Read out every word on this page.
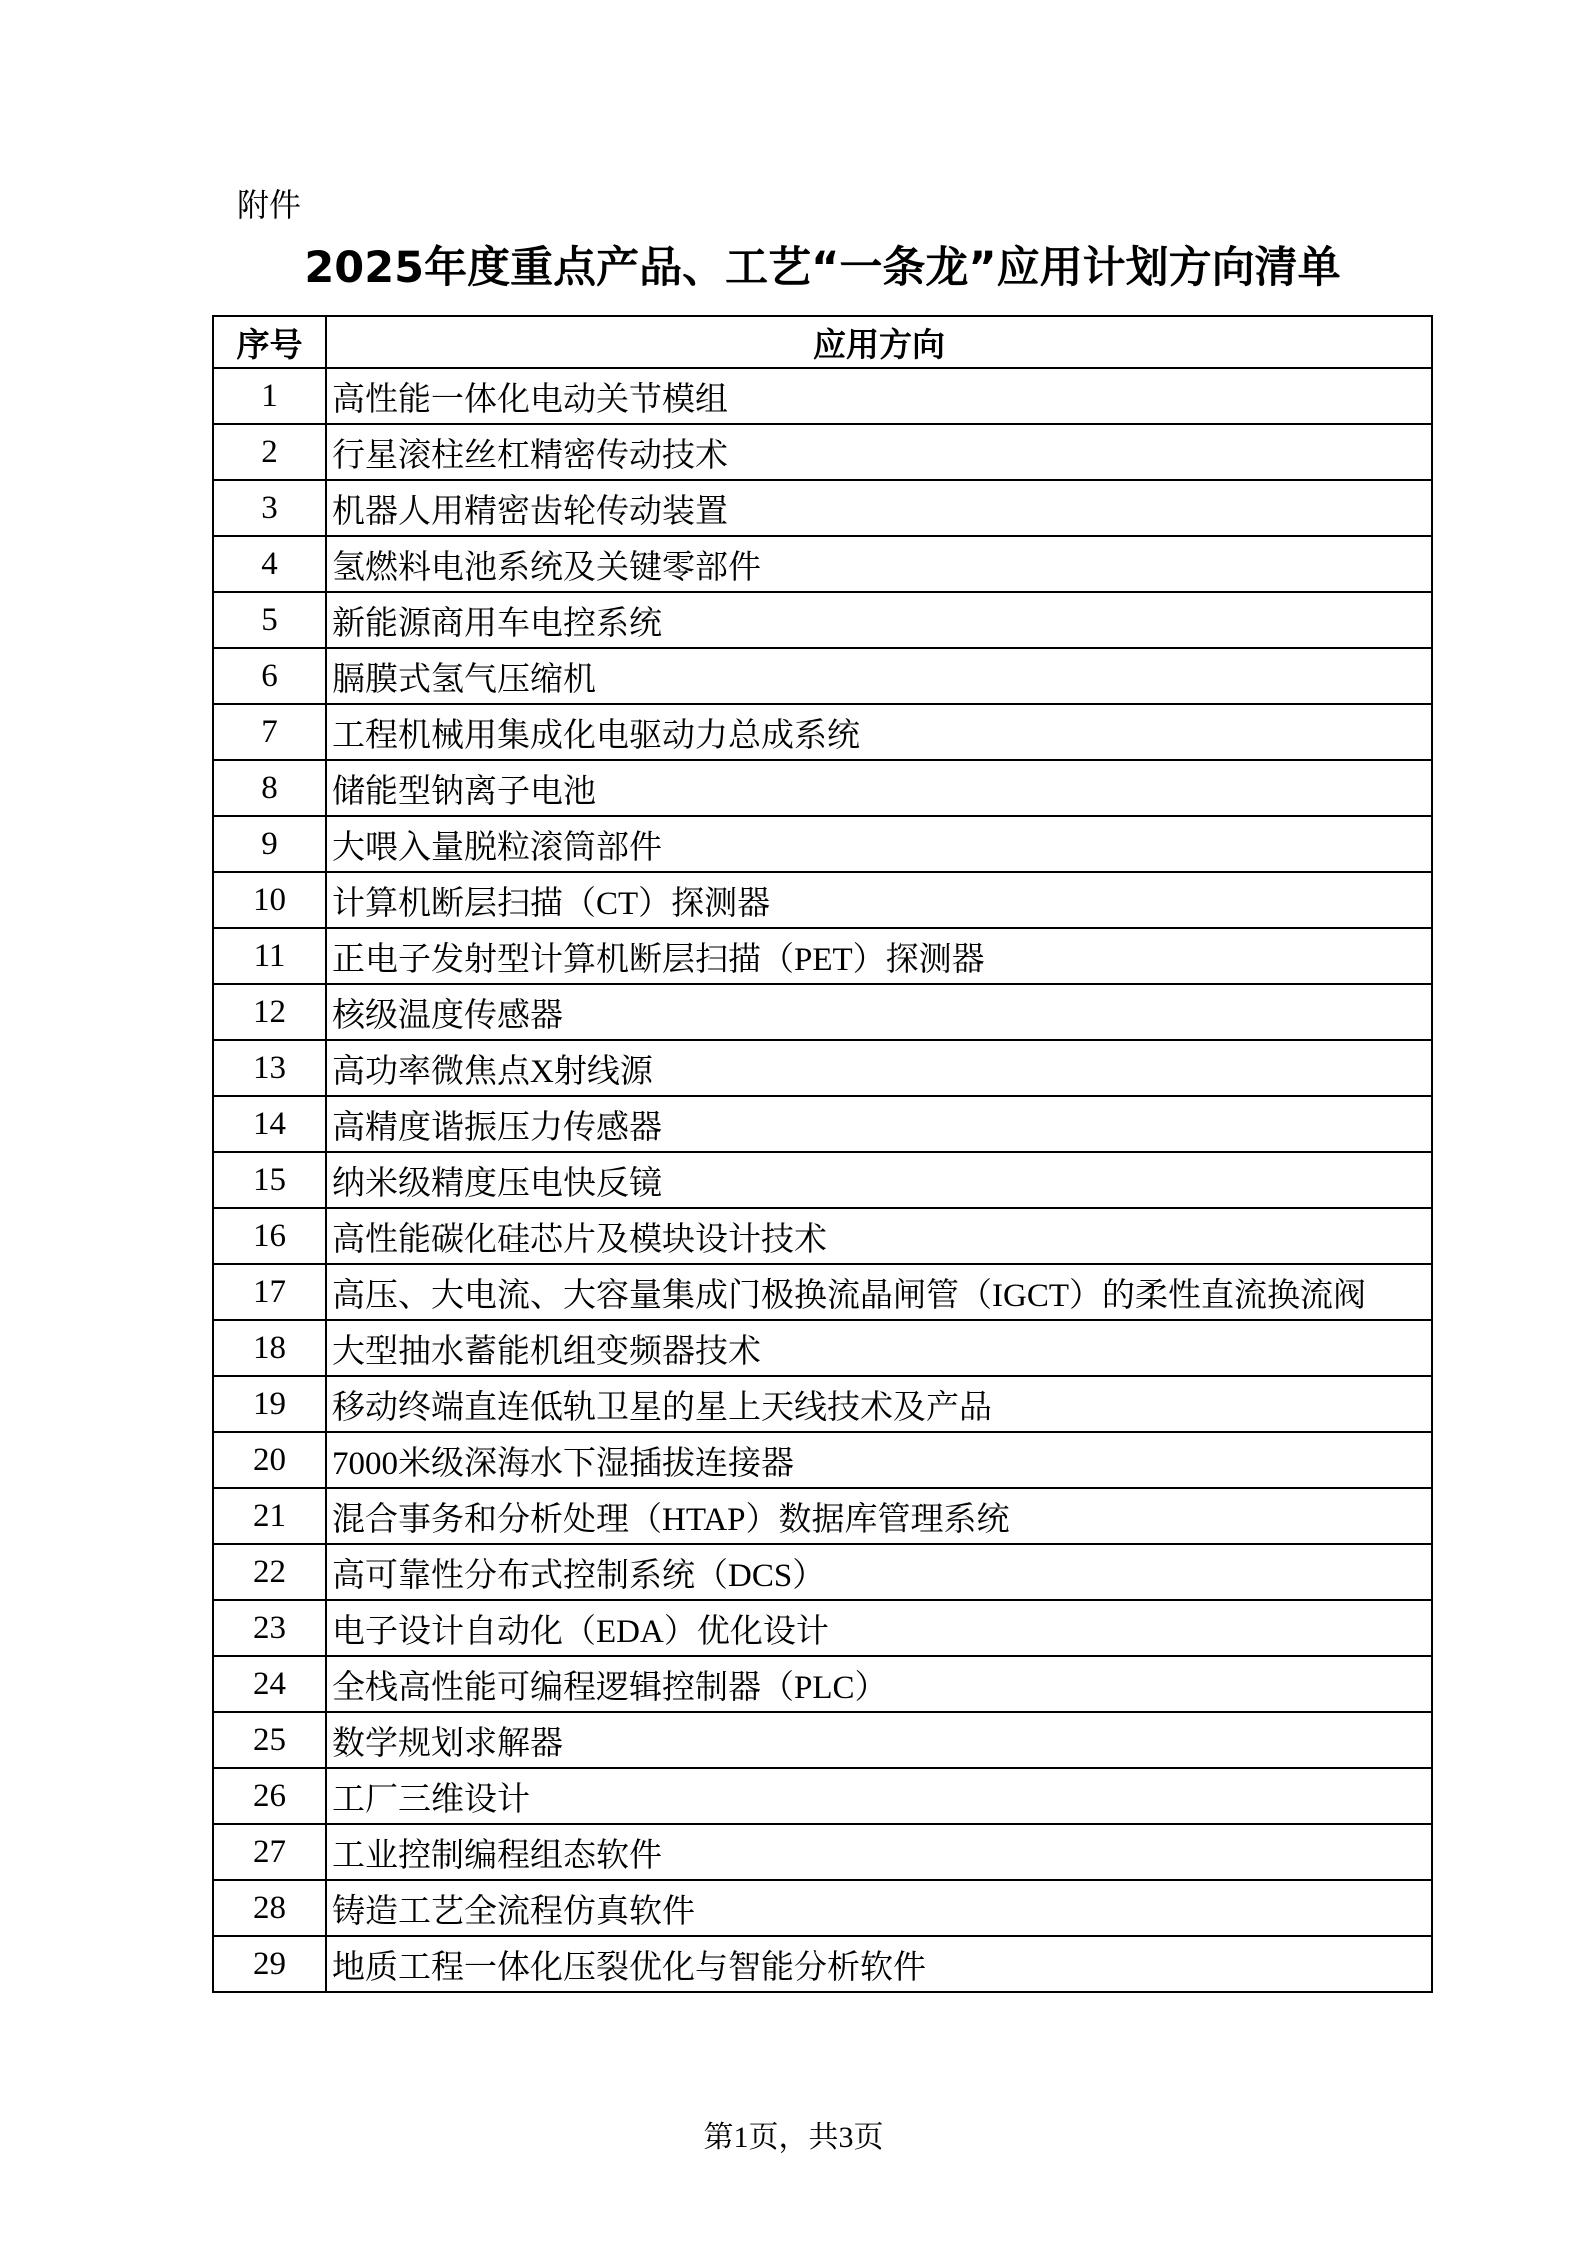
附件
2025年度重点产品、工艺“一条龙”应用计划方向清单
序号	应用方向
1	高性能一体化电动关节模组
2	行星滚柱丝杠精密传动技术
3	机器人用精密齿轮传动装置
4	氢燃料电池系统及关键零部件
5	新能源商用车电控系统
6	膈膜式氢气压缩机
7	工程机械用集成化电驱动力总成系统
8	储能型钠离子电池
9	大喂入量脱粒滚筒部件
10	计算机断层扫描（CT）探测器
11	正电子发射型计算机断层扫描（PET）探测器
12	核级温度传感器
13	高功率微焦点X射线源
14	高精度谐振压力传感器
15	纳米级精度压电快反镜
16	高性能碳化硅芯片及模块设计技术
17	高压、大电流、大容量集成门极换流晶闸管（IGCT）的柔性直流换流阀
18	大型抽水蓄能机组变频器技术
19	移动终端直连低轨卫星的星上天线技术及产品
20	7000米级深海水下湿插拔连接器
21	混合事务和分析处理（HTAP）数据库管理系统
22	高可靠性分布式控制系统（DCS）
23	电子设计自动化（EDA）优化设计
24	全栈高性能可编程逻辑控制器（PLC）
25	数学规划求解器
26	工厂三维设计
27	工业控制编程组态软件
28	铸造工艺全流程仿真软件
29	地质工程一体化压裂优化与智能分析软件
第1页，共3页
